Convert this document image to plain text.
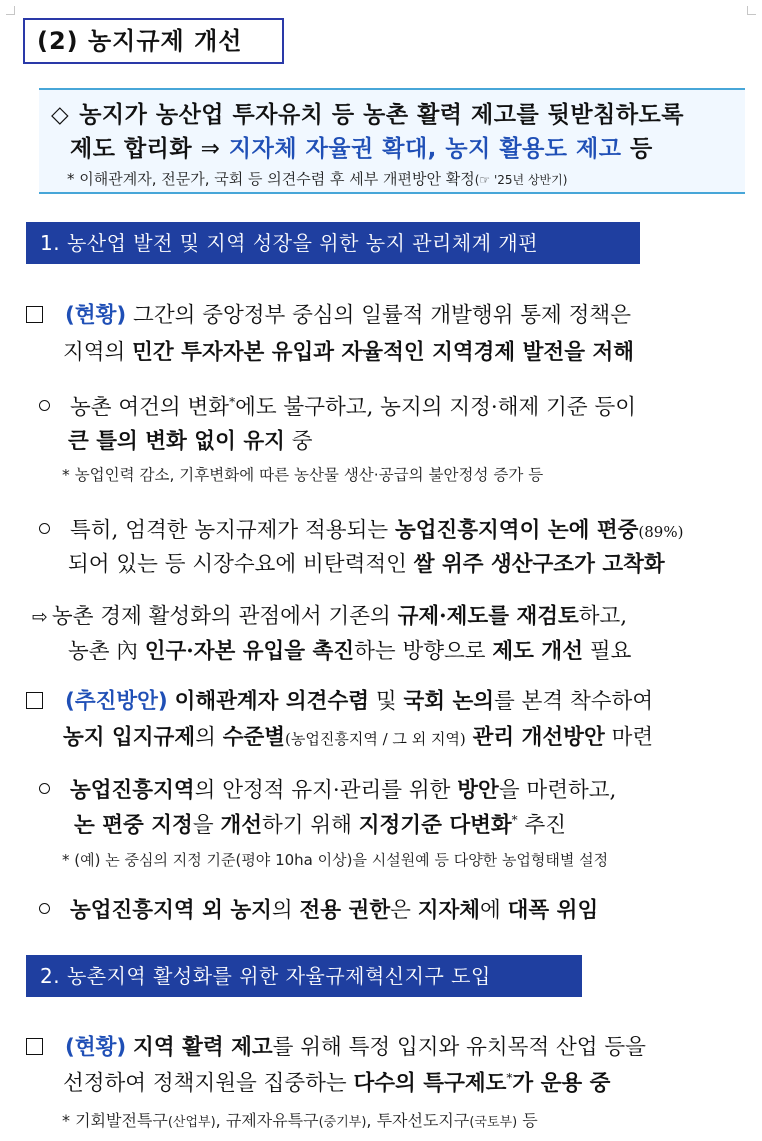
(2) 농지규제 개선
◇ 농지가 농산업 투자유치 등 농촌 활력 제고를 뒷받침하도록
제도 합리화 ⇒ 지자체 자율권 확대, 농지 활용도 제고 등
* 이해관계자, 전문가, 국회 등 의견수렴 후 세부 개편방안 확정(☞ '25년 상반기)
1. 농산업 발전 및 지역 성장을 위한 농지 관리체계 개편
(현황) 그간의 중앙정부 중심의 일률적 개발행위 통제 정책은
지역의 민간 투자자본 유입과 자율적인 지역경제 발전을 저해
농촌 여건의 변화*에도 불구하고, 농지의 지정·해제 기준 등이
큰 틀의 변화 없이 유지 중
* 농업인력 감소, 기후변화에 따른 농산물 생산·공급의 불안정성 증가 등
특히, 엄격한 농지규제가 적용되는 농업진흥지역이 논에 편중(89%)
되어 있는 등 시장수요에 비탄력적인 쌀 위주 생산구조가 고착화
⇨ 농촌 경제 활성화의 관점에서 기존의 규제·제도를 재검토하고,
농촌 內 인구·자본 유입을 촉진하는 방향으로 제도 개선 필요
(추진방안) 이해관계자 의견수렴 및 국회 논의를 본격 착수하여
농지 입지규제의 수준별(농업진흥지역 / 그 외 지역) 관리 개선방안 마련
농업진흥지역의 안정적 유지·관리를 위한 방안을 마련하고,
논 편중 지정을 개선하기 위해 지정기준 다변화* 추진
* (예) 논 중심의 지정 기준(평야 10ha 이상)을 시설원예 등 다양한 농업형태별 설정
농업진흥지역 외 농지의 전용 권한은 지자체에 대폭 위임
2. 농촌지역 활성화를 위한 자율규제혁신지구 도입
(현황) 지역 활력 제고를 위해 특정 입지와 유치목적 산업 등을
선정하여 정책지원을 집중하는 다수의 특구제도*가 운용 중
* 기회발전특구(산업부), 규제자유특구(중기부), 투자선도지구(국토부) 등
